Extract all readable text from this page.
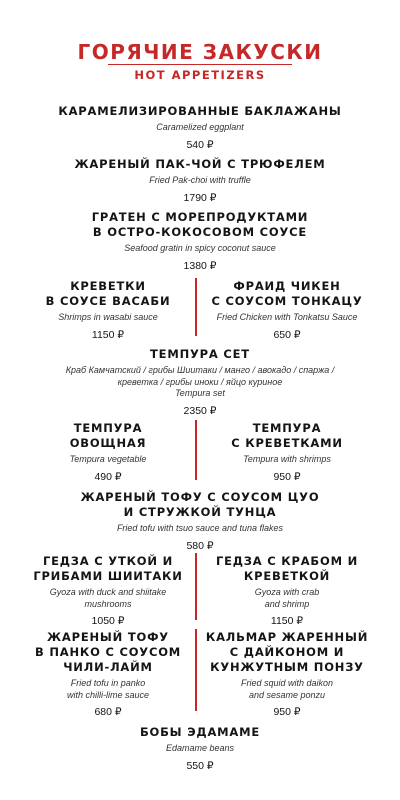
ГОРЯЧИЕ ЗАКУСКИ
HOT APPETIZERS
КАРАМЕЛИЗИРОВАННЫЕ БАКЛАЖАНЫ
Caramelized eggplant
540 ₽
ЖАРЕНЫЙ ПАК-ЧОЙ С ТРЮФЕЛЕМ
Fried Pak-choi with truffle
1790 ₽
ГРАТЕН С МОРЕПРОДУКТАМИ
В ОСТРО-КОКОСОВОМ СОУСЕ
Seafood gratin in spicy coconut sauce
1380 ₽
КРЕВЕТКИ
В СОУСЕ ВАСАБИ
Shrimps in wasabi sauce
1150 ₽
ФРАИД ЧИКЕН
С СОУСОМ ТОНКАЦУ
Fried Chicken with Tonkatsu Sauce
650 ₽
ТЕМПУРА СЕТ
Краб Камчатский / грибы Шиитаки / манго / авокадо / спаржа /
креветка / грибы иноки / яйцо куриное
Tempura set
2350 ₽
ТЕМПУРА
ОВОЩНАЯ
Tempura vegetable
490 ₽
ТЕМПУРА
С КРЕВЕТКАМИ
Tempura with shrimps
950 ₽
ЖАРЕНЫЙ ТОФУ С СОУСОМ ЦУО
И СТРУЖКОЙ ТУНЦА
Fried tofu with tsuo sauce and tuna flakes
580 ₽
ГЕДЗА С УТКОЙ И
ГРИБАМИ ШИИТАКИ
Gyoza with duck and shiitake
mushrooms
1050 ₽
ГЕДЗА С КРАБОМ И
КРЕВЕТКОЙ
Gyoza with crab
and shrimp
1150 ₽
ЖАРЕНЫЙ ТОФУ
В ПАНКО С СОУСОМ
ЧИЛИ-ЛАЙМ
Fried tofu in panko
with chilli-lime sauce
680 ₽
КАЛЬМАР ЖАРЕННЫЙ
С ДАЙКОНОМ И
КУНЖУТНЫМ ПОНЗУ
Fried squid with daikon
and sesame ponzu
950 ₽
БОБЫ ЭДАМАМЕ
Edamame beans
550 ₽
